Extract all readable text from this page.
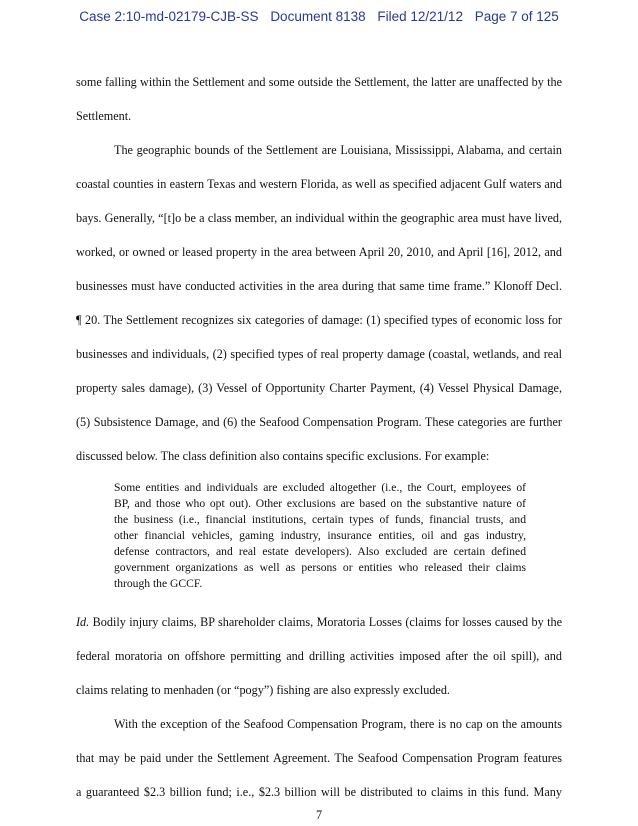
Case 2:10-md-02179-CJB-SS Document 8138 Filed 12/21/12 Page 7 of 125
some falling within the Settlement and some outside the Settlement, the latter are unaffected by the
Settlement.
The geographic bounds of the Settlement are Louisiana, Mississippi, Alabama, and certain
coastal counties in eastern Texas and western Florida, as well as specified adjacent Gulf waters and
bays. Generally, “[t]o be a class member, an individual within the geographic area must have lived,
worked, or owned or leased property in the area between April 20, 2010, and April [16], 2012, and
businesses must have conducted activities in the area during that same time frame.” Klonoff Decl.
¶ 20. The Settlement recognizes six categories of damage: (1) specified types of economic loss for
businesses and individuals, (2) specified types of real property damage (coastal, wetlands, and real
property sales damage), (3) Vessel of Opportunity Charter Payment, (4) Vessel Physical Damage,
(5) Subsistence Damage, and (6) the Seafood Compensation Program. These categories are further
discussed below. The class definition also contains specific exclusions. For example:
Some entities and individuals are excluded altogether (i.e., the Court, employees of
BP, and those who opt out). Other exclusions are based on the substantive nature of
the business (i.e., financial institutions, certain types of funds, financial trusts, and
other financial vehicles, gaming industry, insurance entities, oil and gas industry,
defense contractors, and real estate developers). Also excluded are certain defined
government organizations as well as persons or entities who released their claims
through the GCCF.
Id. Bodily injury claims, BP shareholder claims, Moratoria Losses (claims for losses caused by the
federal moratoria on offshore permitting and drilling activities imposed after the oil spill), and
claims relating to menhaden (or “pogy”) fishing are also expressly excluded.
With the exception of the Seafood Compensation Program, there is no cap on the amounts
that may be paid under the Settlement Agreement. The Seafood Compensation Program features
a guaranteed $2.3 billion fund; i.e., $2.3 billion will be distributed to claims in this fund. Many
7
